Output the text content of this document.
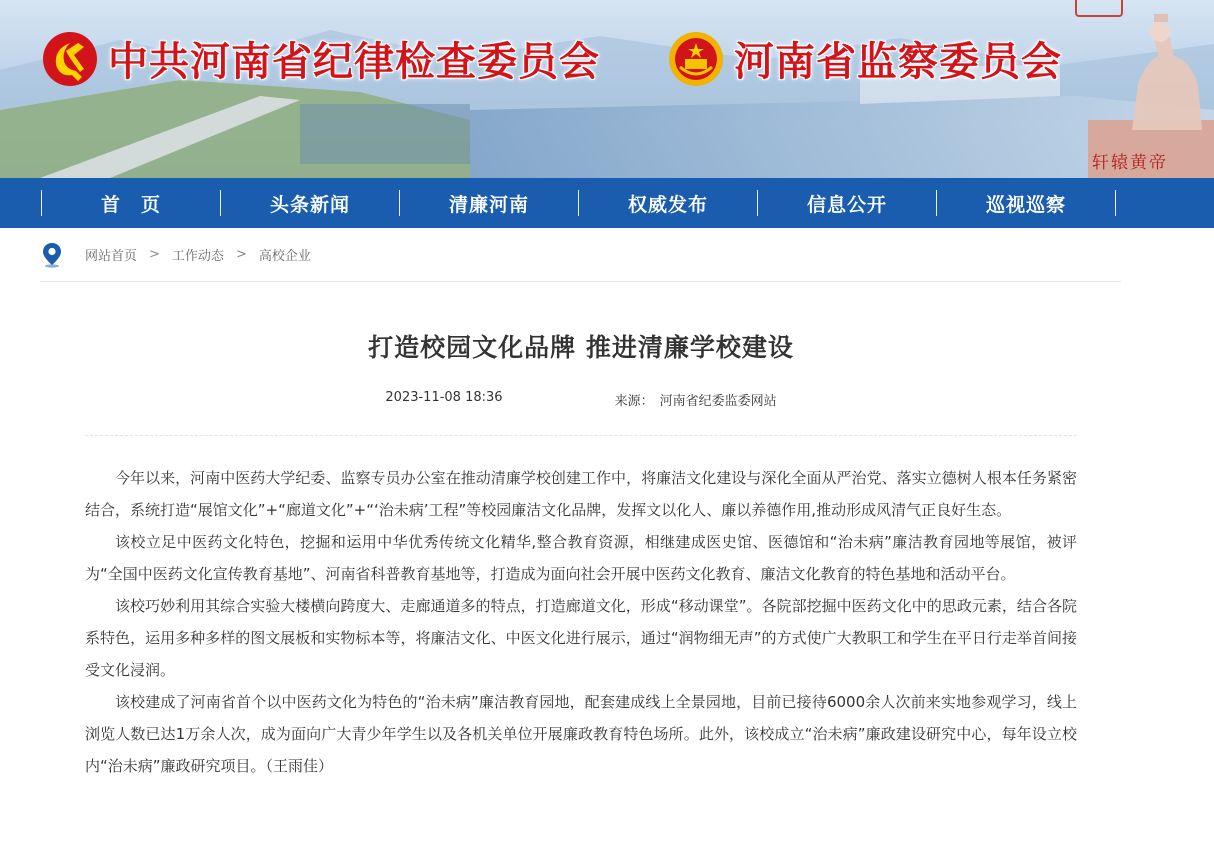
中共河南省纪律检查委员会	河南省监察委员会
轩辕黄帝
首　页	头条新闻	清廉河南	权威发布	信息公开	巡视巡察
网站首页 > 工作动态 > 高校企业
打造校园文化品牌 推进清廉学校建设
2023-11-08 18:36	来源： 河南省纪委监委网站

今年以来，河南中医药大学纪委、监察专员办公室在推动清廉学校创建工作中，将廉洁文化建设与深化全面从严治党、落实立德树人根本任务紧密结合，系统打造“展馆文化”+“廊道文化”+“‘治未病’工程”等校园廉洁文化品牌，发挥文以化人、廉以养德作用,推动形成风清气正良好生态。

该校立足中医药文化特色，挖掘和运用中华优秀传统文化精华,整合教育资源，相继建成医史馆、医德馆和“治未病”廉洁教育园地等展馆，被评为“全国中医药文化宣传教育基地”、河南省科普教育基地等，打造成为面向社会开展中医药文化教育、廉洁文化教育的特色基地和活动平台。

该校巧妙利用其综合实验大楼横向跨度大、走廊通道多的特点，打造廊道文化，形成“移动课堂”。各院部挖掘中医药文化中的思政元素，结合各院系特色，运用多种多样的图文展板和实物标本等，将廉洁文化、中医文化进行展示，通过“润物细无声”的方式使广大教职工和学生在平日行走举首间接受文化浸润。

该校建成了河南省首个以中医药文化为特色的“治未病”廉洁教育园地，配套建成线上全景园地，目前已接待6000余人次前来实地参观学习，线上浏览人数已达1万余人次，成为面向广大青少年学生以及各机关单位开展廉政教育特色场所。此外，该校成立“治未病”廉政建设研究中心，每年设立校内“治未病”廉政研究项目。（王雨佳）
